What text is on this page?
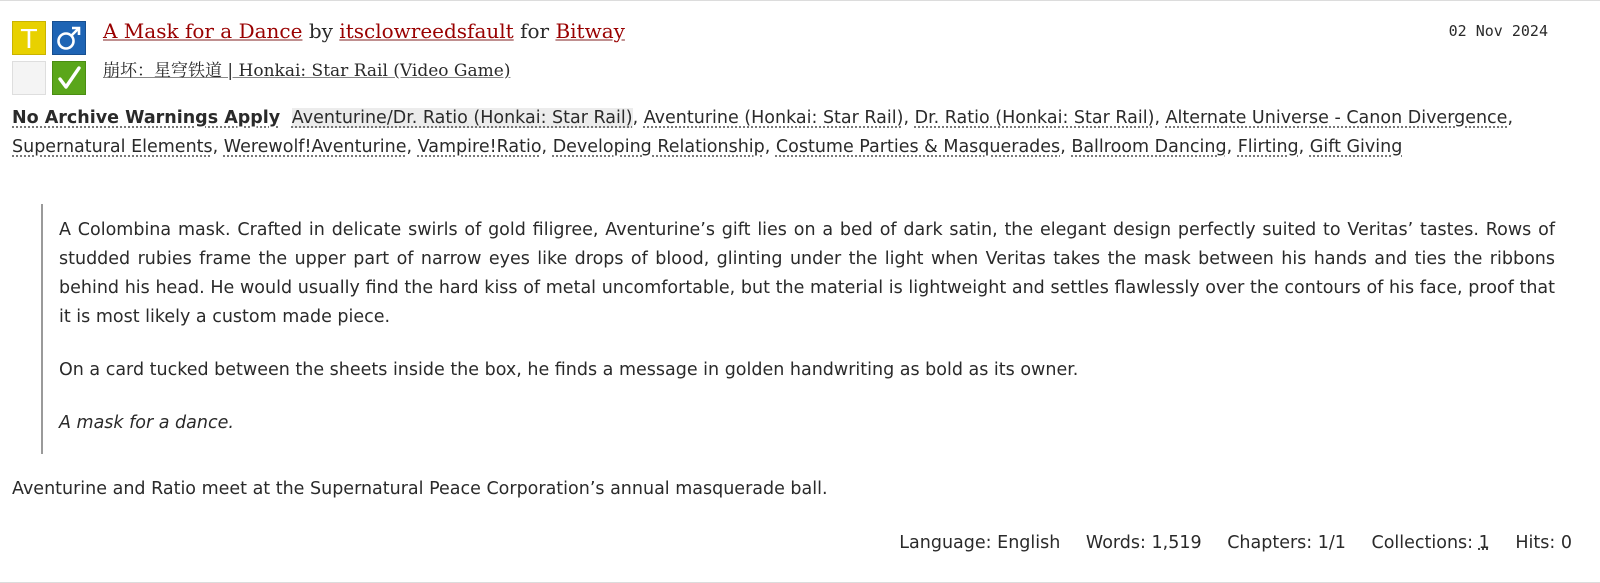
T	A Mask for a Dance by itsclowreedsfault for Bitway
崩坏：星穹铁道 | Honkai: Star Rail (Video Game)
02 Nov 2024
No Archive Warnings Apply Aventurine/Dr. Ratio (Honkai: Star Rail), Aventurine (Honkai: Star Rail), Dr. Ratio (Honkai: Star Rail), Alternate Universe - Canon Divergence, Supernatural Elements, Werewolf!Aventurine, Vampire!Ratio, Developing Relationship, Costume Parties & Masquerades, Ballroom Dancing, Flirting, Gift Giving

A Colombina mask. Crafted in delicate swirls of gold filigree, Aventurine’s gift lies on a bed of dark satin, the elegant design perfectly suited to Veritas’ tastes. Rows of studded rubies frame the upper part of narrow eyes like drops of blood, glinting under the light when Veritas takes the mask between his hands and ties the ribbons behind his head. He would usually find the hard kiss of metal uncomfortable, but the material is lightweight and settles flawlessly over the contours of his face, proof that it is most likely a custom made piece.

On a card tucked between the sheets inside the box, he finds a message in golden handwriting as bold as its owner.

A mask for a dance.

Aventurine and Ratio meet at the Supernatural Peace Corporation’s annual masquerade ball.
Language: English Words: 1,519 Chapters: 1/1 Collections: 1 Hits: 0
